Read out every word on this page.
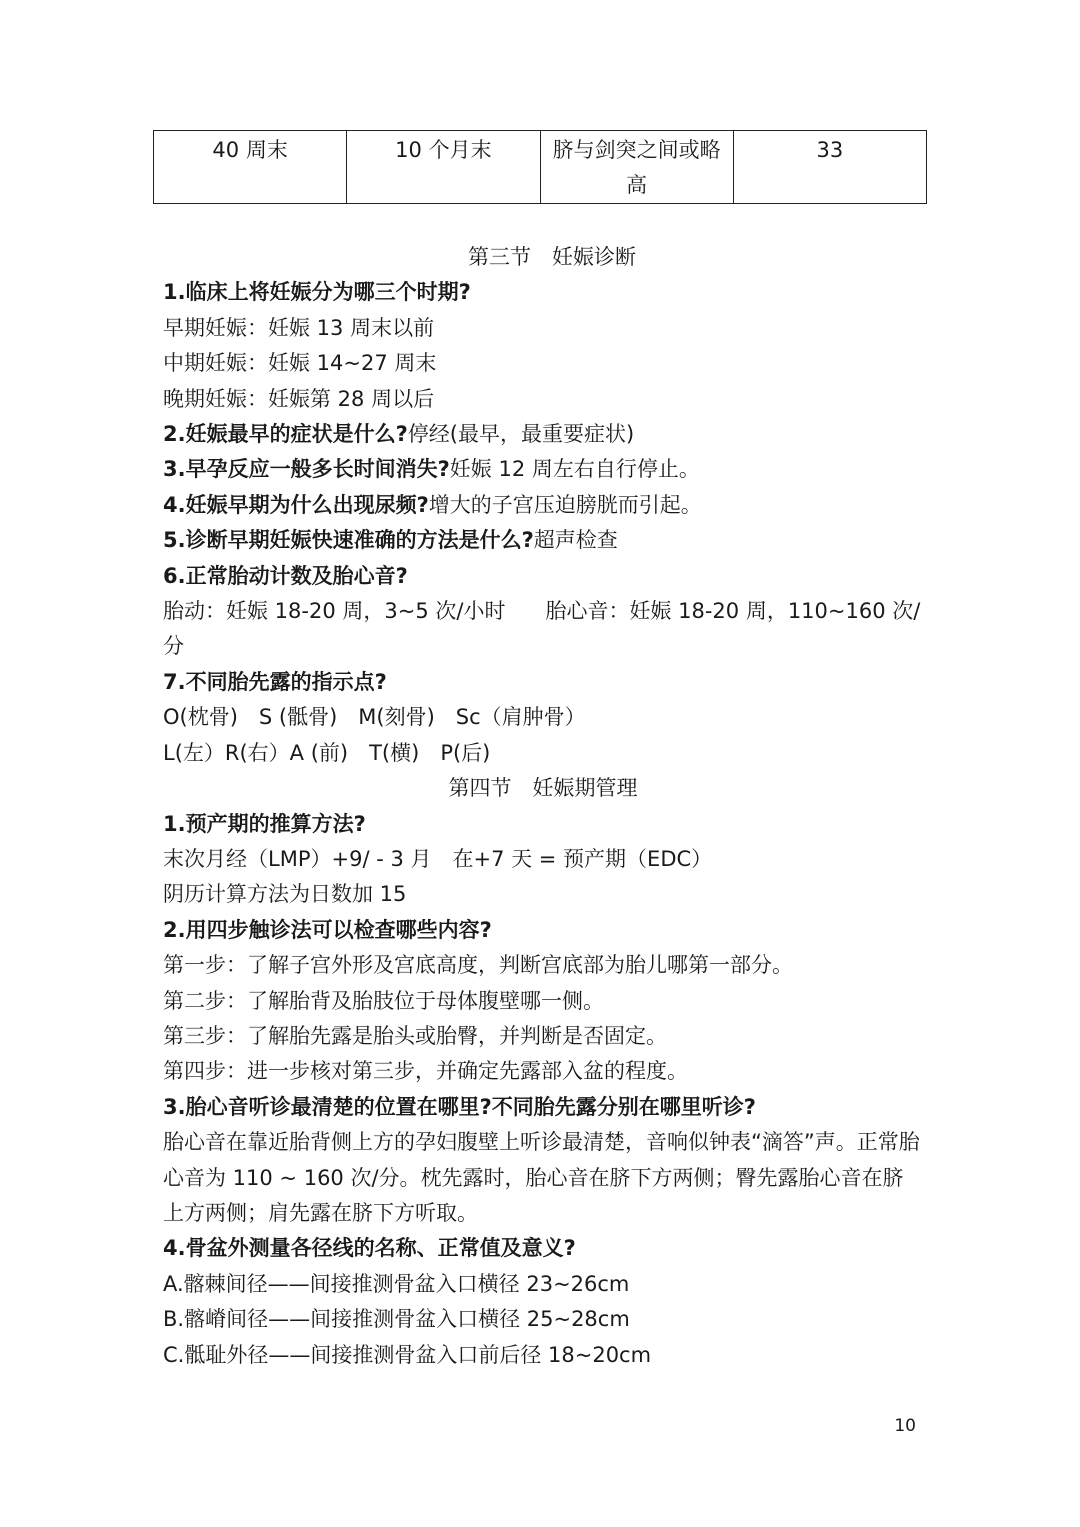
40 周末	10 个月末	脐与剑突之间或略高	33

第三节　妊娠诊断

1.临床上将妊娠分为哪三个时期?

早期妊娠：妊娠 13 周末以前

中期妊娠：妊娠 14~27 周末

晚期妊娠：妊娠第 28 周以后

2.妊娠最早的症状是什么?停经(最早，最重要症状)

3.早孕反应一般多长时间消失?妊娠 12 周左右自行停止。

4.妊娠早期为什么出现尿频?增大的子宫压迫膀胱而引起。

5.诊断早期妊娠快速准确的方法是什么?超声检查

6.正常胎动计数及胎心音?

胎动：妊娠 18-20 周，3~5 次/小时 胎心音：妊娠 18-20 周，110~160 次/分

7.不同胎先露的指示点?

O(枕骨)　S (骶骨)　M(刻骨)　Sc（肩肿骨）

L(左）R(右）A (前)　T(横)　P(后)

第四节　妊娠期管理

1.预产期的推算方法?

末次月经（LMP）+9/ - 3 月　在+7 天 = 预产期（EDC）

阴历计算方法为日数加 15

2.用四步触诊法可以检查哪些内容?

第一步：了解子宫外形及宫底高度，判断宫底部为胎儿哪第一部分。

第二步：了解胎背及胎肢位于母体腹壁哪一侧。

第三步：了解胎先露是胎头或胎臀，并判断是否固定。

第四步：进一步核对第三步，并确定先露部入盆的程度。

3.胎心音听诊最清楚的位置在哪里?不同胎先露分别在哪里听诊?

胎心音在靠近胎背侧上方的孕妇腹壁上听诊最清楚，音响似钟表“滴答”声。正常胎心音为 110 ~ 160 次/分。枕先露时，胎心音在脐下方两侧；臀先露胎心音在脐上方两侧；肩先露在脐下方听取。

4.骨盆外测量各径线的名称、正常值及意义?

A.髂棘间径——间接推测骨盆入口横径 23~26cm

B.髂嵴间径——间接推测骨盆入口横径 25~28cm

C.骶耻外径——间接推测骨盆入口前后径 18~20cm

10
